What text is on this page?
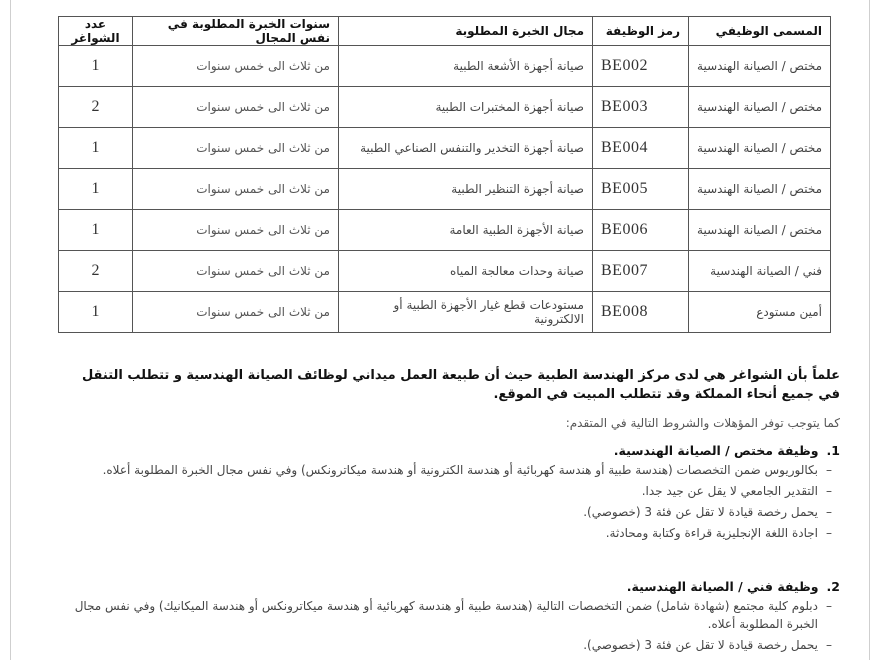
المسمى الوظيفي	رمز الوظيفة	مجال الخبرة المطلوبة	سنوات الخبرة المطلوبة في نفس المجال	عدد الشواغر
مختص / الصيانة الهندسية	BE002	صيانة أجهزة الأشعة الطبية	من ثلاث الى خمس سنوات	1
مختص / الصيانة الهندسية	BE003	صيانة أجهزة المختبرات الطبية	من ثلاث الى خمس سنوات	2
مختص / الصيانة الهندسية	BE004	صيانة أجهزة التخدير والتنفس الصناعي الطبية	من ثلاث الى خمس سنوات	1
مختص / الصيانة الهندسية	BE005	صيانة أجهزة التنظير الطبية	من ثلاث الى خمس سنوات	1
مختص / الصيانة الهندسية	BE006	صيانة الأجهزة الطبية العامة	من ثلاث الى خمس سنوات	1
فني / الصيانة الهندسية	BE007	صيانة وحدات معالجة المياه	من ثلاث الى خمس سنوات	2
أمين مستودع	BE008	مستودعات قطع غيار الأجهزة الطبية أو الالكترونية	من ثلاث الى خمس سنوات	1
علماً بأن الشواغر هي لدى مركز الهندسة الطبية حيث أن طبيعة العمل ميداني لوظائف الصيانة الهندسية و تتطلب التنقل في جميع أنحاء المملكة وقد تتطلب المبيت في الموقع.
كما يتوجب توفر المؤهلات والشروط التالية في المتقدم:
1.وظيفة مختص / الصيانة الهندسية.
–
بكالوريوس ضمن التخصصات (هندسة طبية أو هندسة كهربائية أو هندسة الكترونية أو هندسة ميكاترونكس) وفي نفس مجال الخبرة المطلوبة أعلاه.
–
التقدير الجامعي لا يقل عن جيد جدا.
–
يحمل رخصة قيادة لا تقل عن فئة 3 (خصوصي).
–
اجادة اللغة الإنجليزية قراءة وكتابة ومحادثة.
2.وظيفة فني / الصيانة الهندسية.
–
دبلوم كلية مجتمع (شهادة شامل) ضمن التخصصات التالية (هندسة طبية أو هندسة كهربائية أو هندسة ميكاترونكس أو هندسة الميكانيك) وفي نفس مجال الخبرة المطلوبة أعلاه.
–
يحمل رخصة قيادة لا تقل عن فئة 3 (خصوصي).
